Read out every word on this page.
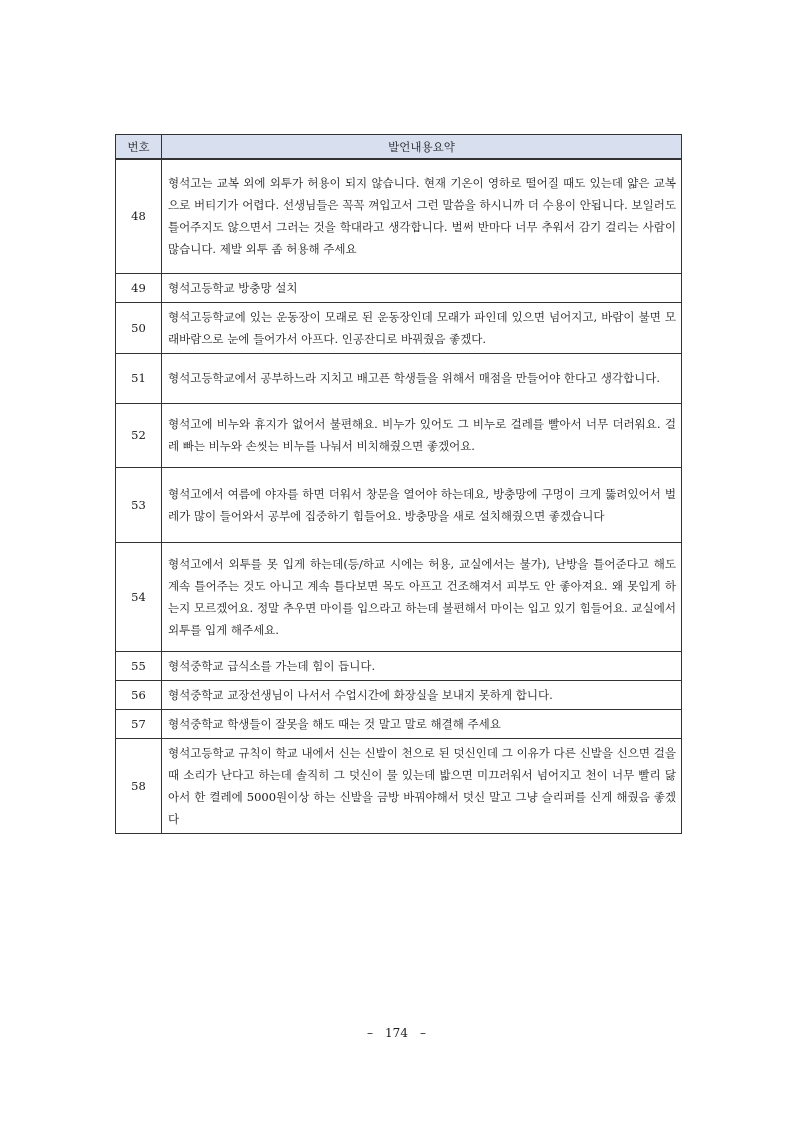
번호	발언내용요약
48	형석고는 교복 외에 외투가 허용이 되지 않습니다. 현재 기온이 영하로 떨어질 때도 있는데 얇은 교복으로 버티기가 어렵다. 선생님들은 꼭꼭 껴입고서 그런 말씀을 하시니까 더 수용이 안됩니다. 보일러도 틀어주지도 않으면서 그러는 것을 학대라고 생각합니다. 벌써 반마다 너무 추워서 감기 걸리는 사람이 많습니다. 제발 외투 좀 허용해 주세요
49	형석고등학교 방충망 설치
50	형석고등학교에 있는 운동장이 모래로 된 운동장인데 모래가 파인데 있으면 넘어지고, 바람이 불면 모래바람으로 눈에 들어가서 아프다. 인공잔디로 바꿔줬음 좋겠다.
51	형석고등학교에서 공부하느라 지치고 배고픈 학생들을 위해서 매점을 만들어야 한다고 생각합니다.
52	형석고에 비누와 휴지가 없어서 불편해요. 비누가 있어도 그 비누로 걸레를 빨아서 너무 더러워요. 걸레 빠는 비누와 손씻는 비누를 나눠서 비치해줬으면 좋겠어요.
53	형석고에서 여름에 야자를 하면 더워서 창문을 열어야 하는데요, 방충망에 구멍이 크게 뚫려있어서 벌레가 많이 들어와서 공부에 집중하기 힘들어요. 방충망을 새로 설치해줬으면 좋겠습니다
54	형석고에서 외투를 못 입게 하는데(등/하교 시에는 허용, 교실에서는 불가), 난방을 틀어준다고 해도 계속 틀어주는 것도 아니고 계속 틀다보면 목도 아프고 건조해져서 피부도 안 좋아져요. 왜 못입게 하는지 모르겠어요. 정말 추우면 마이를 입으라고 하는데 불편해서 마이는 입고 있기 힘들어요. 교실에서 외투를 입게 해주세요.
55	형석중학교 급식소를 가는데 힘이 듭니다.
56	형석중학교 교장선생님이 나서서 수업시간에 화장실을 보내지 못하게 합니다.
57	형석중학교 학생들이 잘못을 해도 때는 것 말고 말로 해결해 주세요
58	형석고등학교 규칙이 학교 내에서 신는 신발이 천으로 된 덧신인데 그 이유가 다른 신발을 신으면 걸을 때 소리가 난다고 하는데 솔직히 그 덧신이 물 있는데 밟으면 미끄러워서 넘어지고 천이 너무 빨리 닳아서 한 켤레에 5000원이상 하는 신발을 금방 바꿔야해서 덧신 말고 그냥 슬리퍼를 신게 해줬음 좋겠다
– 174 –
